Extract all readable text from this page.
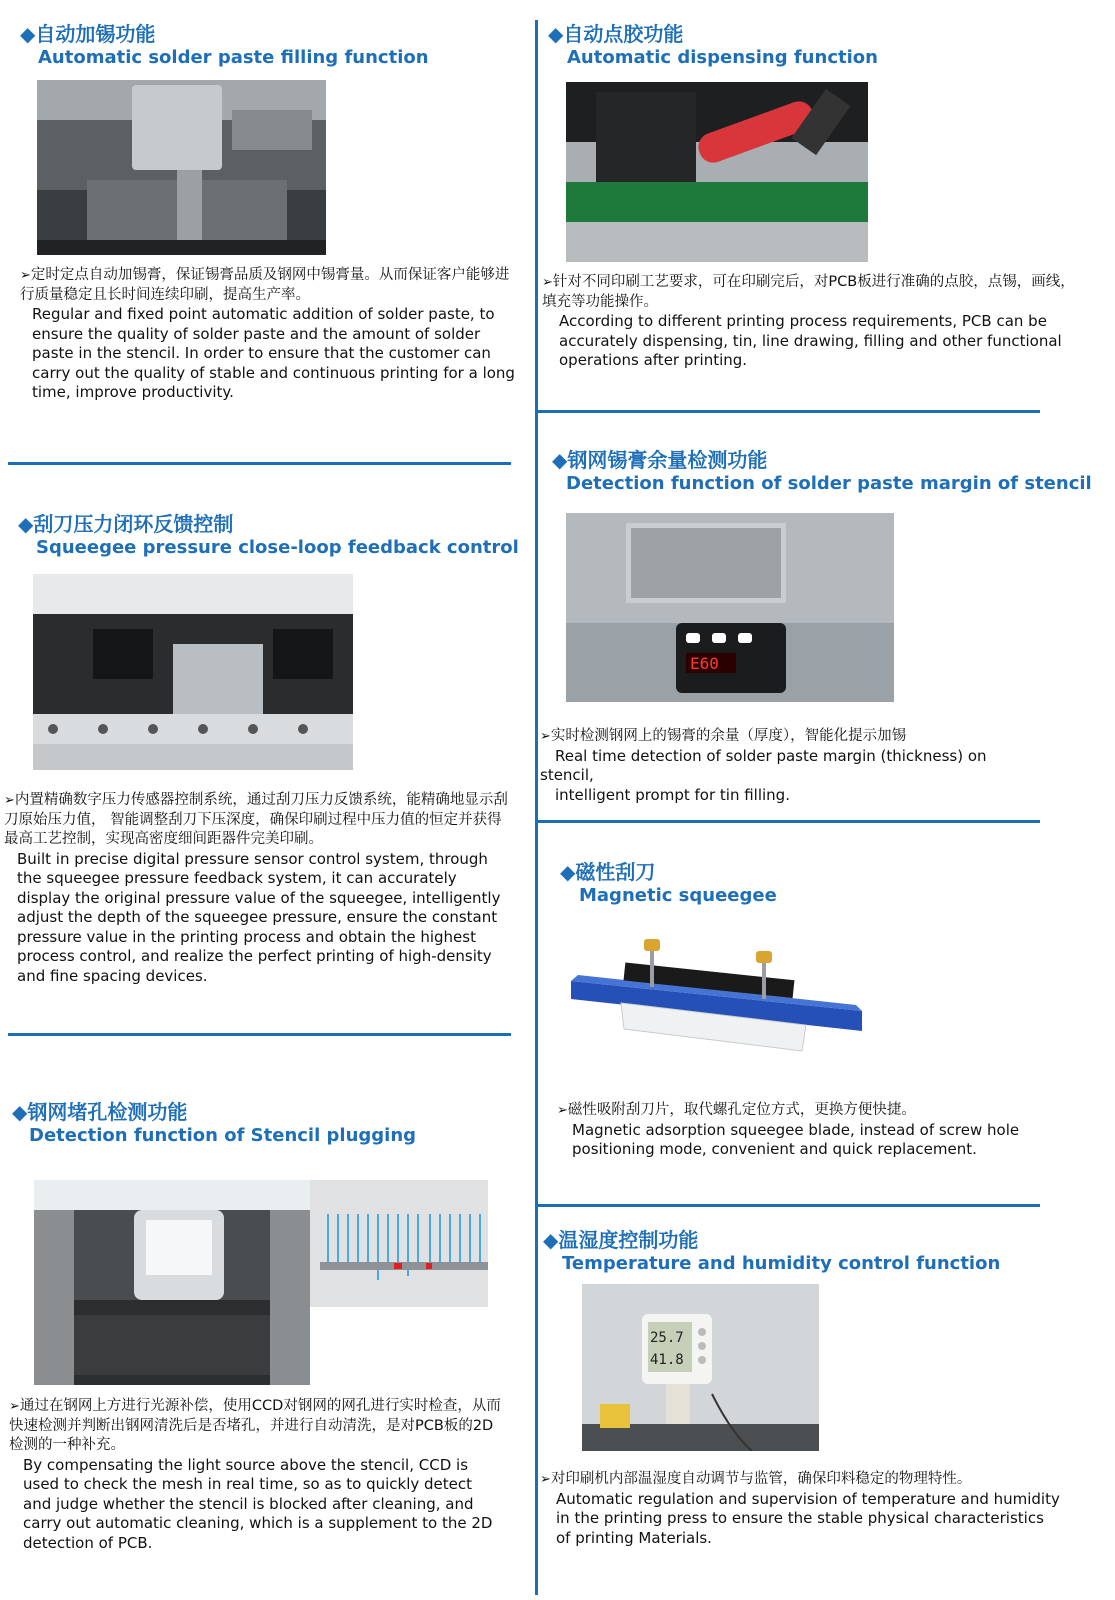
◆自动加锡功能
Automatic solder paste filling function
➢定时定点自动加锡膏，保证锡膏品质及钢网中锡膏量。从而保证客户能够进行质量稳定且长时间连续印刷，提高生产率。
Regular and fixed point automatic addition of solder paste, to ensure the quality of solder paste and the amount of solder paste in the stencil. In order to ensure that the customer can carry out the quality of stable and continuous printing for a long time, improve productivity.
◆刮刀压力闭环反馈控制
Squeegee pressure close-loop feedback control
➢内置精确数字压力传感器控制系统，通过刮刀压力反馈系统，能精确地显示刮刀原始压力值， 智能调整刮刀下压深度，确保印刷过程中压力值的恒定并获得最高工艺控制，实现高密度细间距器件完美印刷。
Built in precise digital pressure sensor control system, through the squeegee pressure feedback system, it can accurately display the original pressure value of the squeegee, intelligently adjust the depth of the squeegee pressure, ensure the constant pressure value in the printing process and obtain the highest process control, and realize the perfect printing of high-density and fine spacing devices.
◆钢网堵孔检测功能
Detection function of Stencil plugging
➢通过在钢网上方进行光源补偿，使用CCD对钢网的网孔进行实时检查，从而快速检测并判断出钢网清洗后是否堵孔，并进行自动清洗，是对PCB板的2D检测的一种补充。
By compensating the light source above the stencil, CCD is used to check the mesh in real time, so as to quickly detect and judge whether the stencil is blocked after cleaning, and carry out automatic cleaning, which is a supplement to the 2D detection of PCB.
◆自动点胶功能
Automatic dispensing function
➢针对不同印刷工艺要求，可在印刷完后，对PCB板进行准确的点胶，点锡，画线，填充等功能操作。
According to different printing process requirements, PCB can be accurately dispensing, tin, line drawing, filling and other functional operations after printing.
◆钢网锡膏余量检测功能
Detection function of solder paste margin of stencil
E60
➢实时检测钢网上的锡膏的余量（厚度），智能化提示加锡
Real time detection of solder paste margin (thickness) on
stencil,
intelligent prompt for tin filling.
◆磁性刮刀
Magnetic squeegee
➢磁性吸附刮刀片，取代螺孔定位方式，更换方便快捷。
Magnetic adsorption squeegee blade, instead of screw hole positioning mode, convenient and quick replacement.
◆温湿度控制功能
Temperature and humidity control function
25.7
41.8
➢对印刷机内部温湿度自动调节与监管，确保印料稳定的物理特性。
Automatic regulation and supervision of temperature and humidity in the printing press to ensure the stable physical characteristics of printing Materials.
